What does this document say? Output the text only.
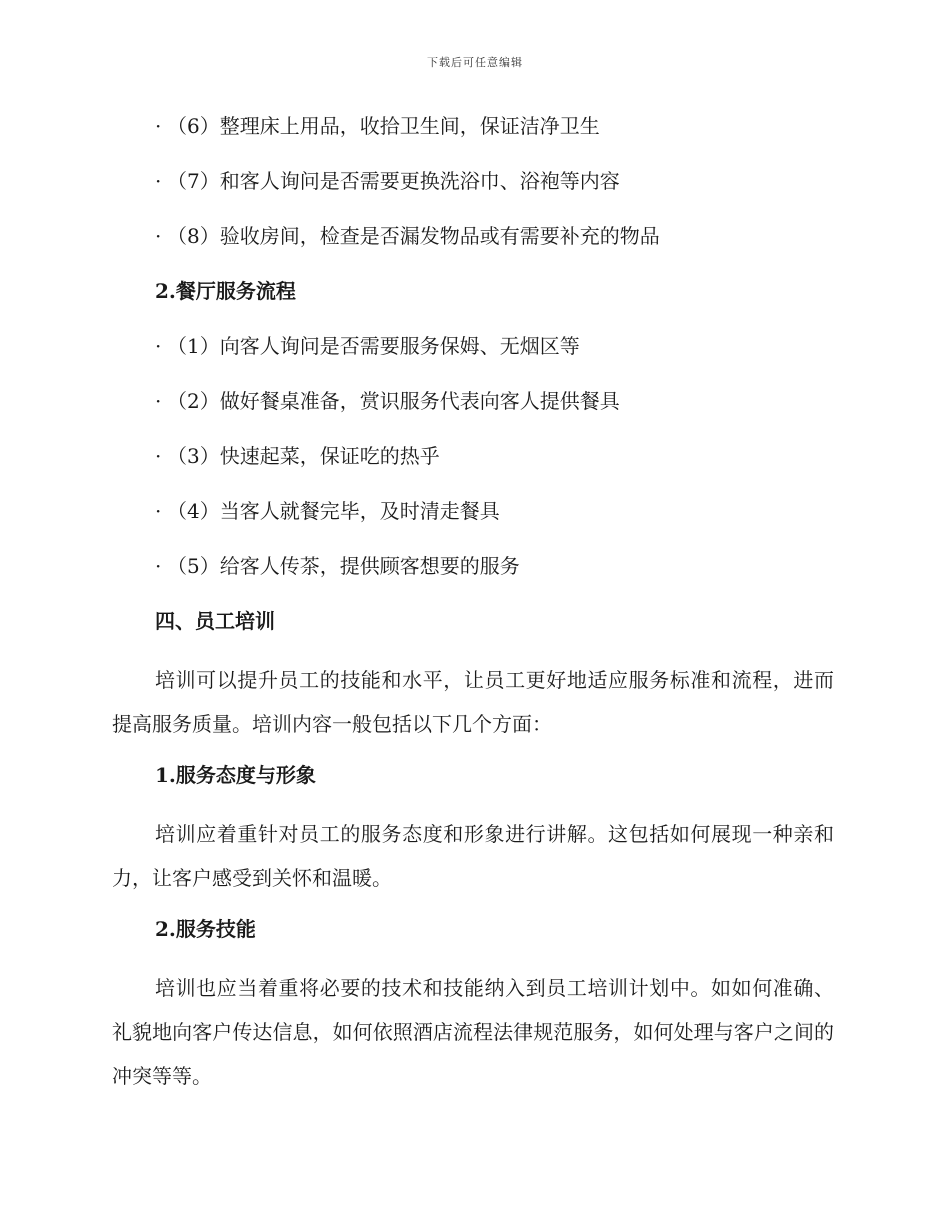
下载后可任意编辑
· （6）整理床上用品，收拾卫生间，保证洁净卫生
· （7）和客人询问是否需要更换洗浴巾、浴袍等内容
· （8）验收房间，检查是否漏发物品或有需要补充的物品
2.餐厅服务流程
· （1）向客人询问是否需要服务保姆、无烟区等
· （2）做好餐桌准备，赏识服务代表向客人提供餐具
· （3）快速起菜，保证吃的热乎
· （4）当客人就餐完毕，及时清走餐具
· （5）给客人传茶，提供顾客想要的服务
四、员工培训
培训可以提升员工的技能和水平，让员工更好地适应服务标准和流程，进而提高服务质量。培训内容一般包括以下几个方面：
1.服务态度与形象
培训应着重针对员工的服务态度和形象进行讲解。这包括如何展现一种亲和力，让客户感受到关怀和温暖。
2.服务技能
培训也应当着重将必要的技术和技能纳入到员工培训计划中。如如何准确、礼貌地向客户传达信息，如何依照酒店流程法律规范服务，如何处理与客户之间的冲突等等。
